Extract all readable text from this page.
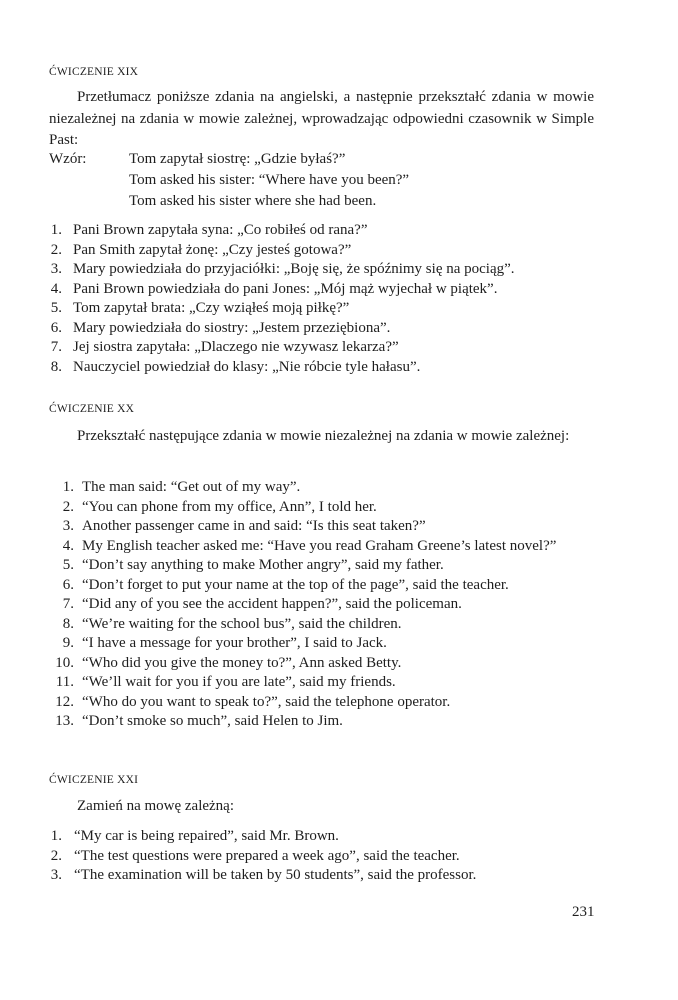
ĆWICZENIE XIX
Przetłumacz poniższe zdania na angielski, a następnie przekształć zdania w mowie niezależnej na zdania w mowie zależnej, wprowadzając odpowiedni czasownik w Simple Past:
Wzór:	Tom zapytał siostrę: „Gdzie byłaś?”
Tom asked his sister: “Where have you been?”
Tom asked his sister where she had been.
1. Pani Brown zapytała syna: „Co robiłeś od rana?”
2. Pan Smith zapytał żonę: „Czy jesteś gotowa?”
3. Mary powiedziała do przyjaciółki: „Boję się, że spóźnimy się na pociąg”.
4. Pani Brown powiedziała do pani Jones: „Mój mąż wyjechał w piątek”.
5. Tom zapytał brata: „Czy wziąłeś moją piłkę?”
6. Mary powiedziała do siostry: „Jestem przeziębiona”.
7. Jej siostra zapytała: „Dlaczego nie wzywasz lekarza?”
8. Nauczyciel powiedział do klasy: „Nie róbcie tyle hałasu”.
ĆWICZENIE XX
Przekształć następujące zdania w mowie niezależnej na zdania w mowie zależnej:
1. The man said: “Get out of my way”.
2. “You can phone from my office, Ann”, I told her.
3. Another passenger came in and said: “Is this seat taken?”
4. My English teacher asked me: “Have you read Graham Greene’s latest novel?”
5. “Don’t say anything to make Mother angry”, said my father.
6. “Don’t forget to put your name at the top of the page”, said the teacher.
7. “Did any of you see the accident happen?”, said the policeman.
8. “We’re waiting for the school bus”, said the children.
9. “I have a message for your brother”, I said to Jack.
10. “Who did you give the money to?”, Ann asked Betty.
11. “We’ll wait for you if you are late”, said my friends.
12. “Who do you want to speak to?”, said the telephone operator.
13. “Don’t smoke so much”, said Helen to Jim.
ĆWICZENIE XXI
Zamień na mowę zależną:
1. “My car is being repaired”, said Mr. Brown.
2. “The test questions were prepared a week ago”, said the teacher.
3. “The examination will be taken by 50 students”, said the professor.
231
